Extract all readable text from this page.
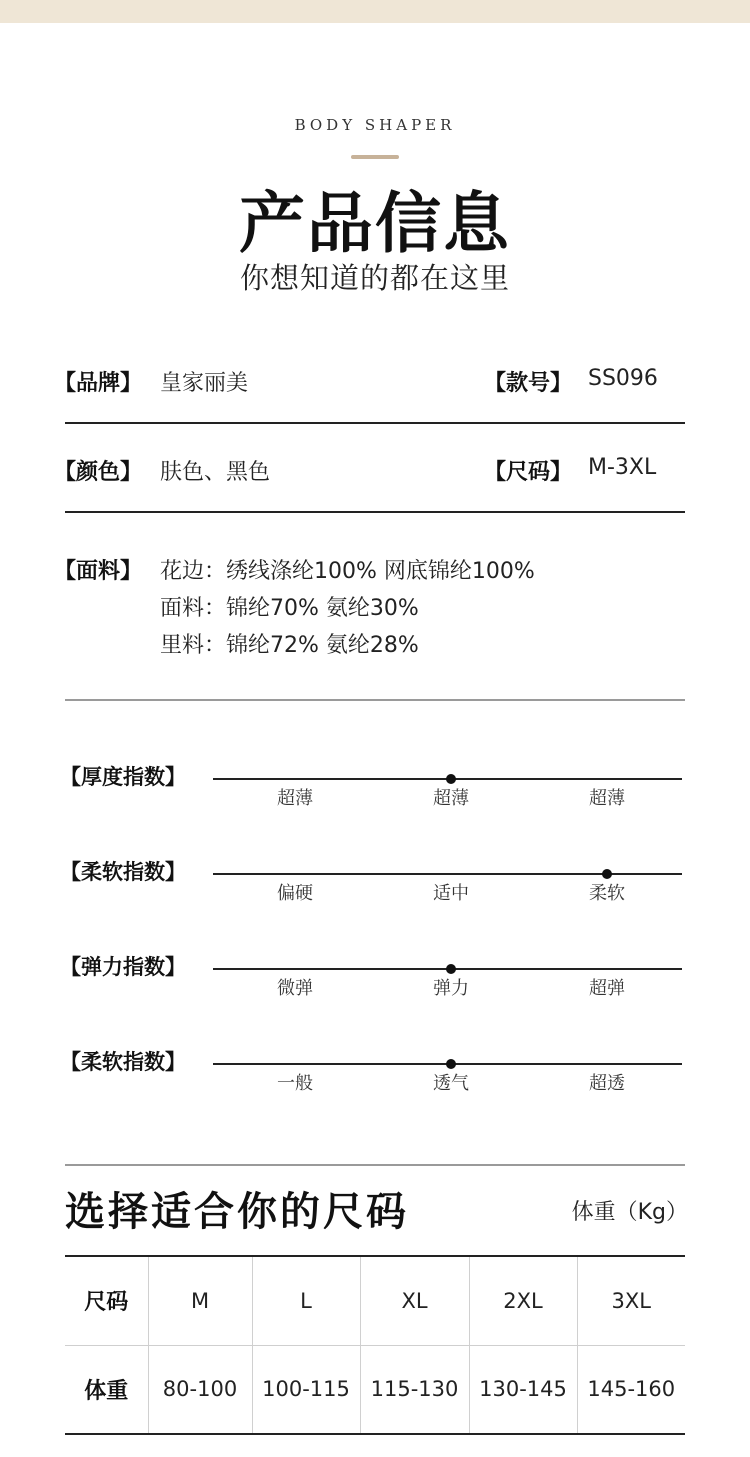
BODY SHAPER
产品信息
你想知道的都在这里
【品牌】 皇家丽美	【款号】 SS096
【颜色】 肤色、黑色	【尺码】 M-3XL
【面料】 花边：绣线涤纶100% 网底锦纶100%
面料：锦纶70% 氨纶30%
里料：锦纶72% 氨纶28%
【厚度指数】
超薄	超薄	超薄
【柔软指数】
偏硬	适中	柔软
【弹力指数】
微弹	弹力	超弹
【柔软指数】
一般	透气	超透
选择适合你的尺码	体重（Kg）
尺码	M	L	XL	2XL	3XL
体重	80-100	100-115	115-130	130-145	145-160
